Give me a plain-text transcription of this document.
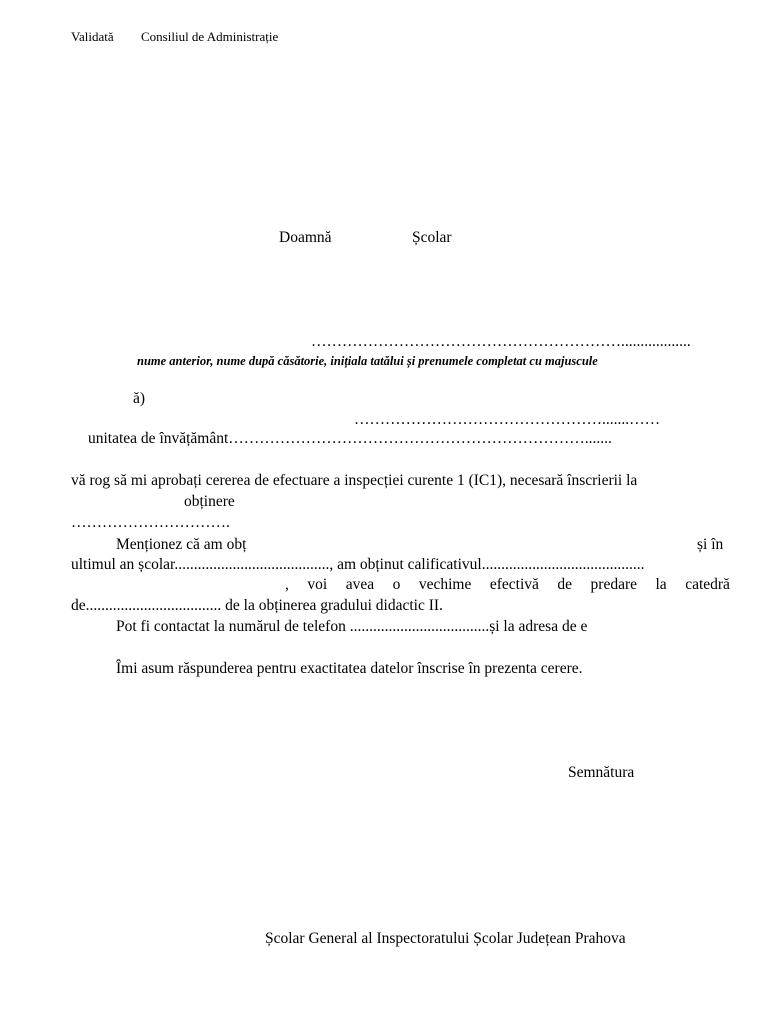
Validată Consiliul de Administrație
Doamnă	Școlar
……………………………………………………..................
nume anterior, nume după căsătorie, inițiala tatălui și prenumele completat cu majuscule
ă)
………………………………………….......……
unitatea de învățământ…………………………………………………………….......
vă rog să mi aprobați cererea de efectuare a inspecției curente 1 (IC1), necesară înscrierii la
obținere
………………………….
Menționez că am obț	și în
ultimul an școlar........................................, am obținut calificativul..........................................
, voi avea o vechime efectivă de predare la catedră
de................................... de la obținerea gradului didactic II.
Pot fi contactat la numărul de telefon ....................................și la adresa de e
Îmi asum răspunderea pentru exactitatea datelor înscrise în prezenta cerere.
Semnătura
Școlar General al Inspectoratului Școlar Județean Prahova
